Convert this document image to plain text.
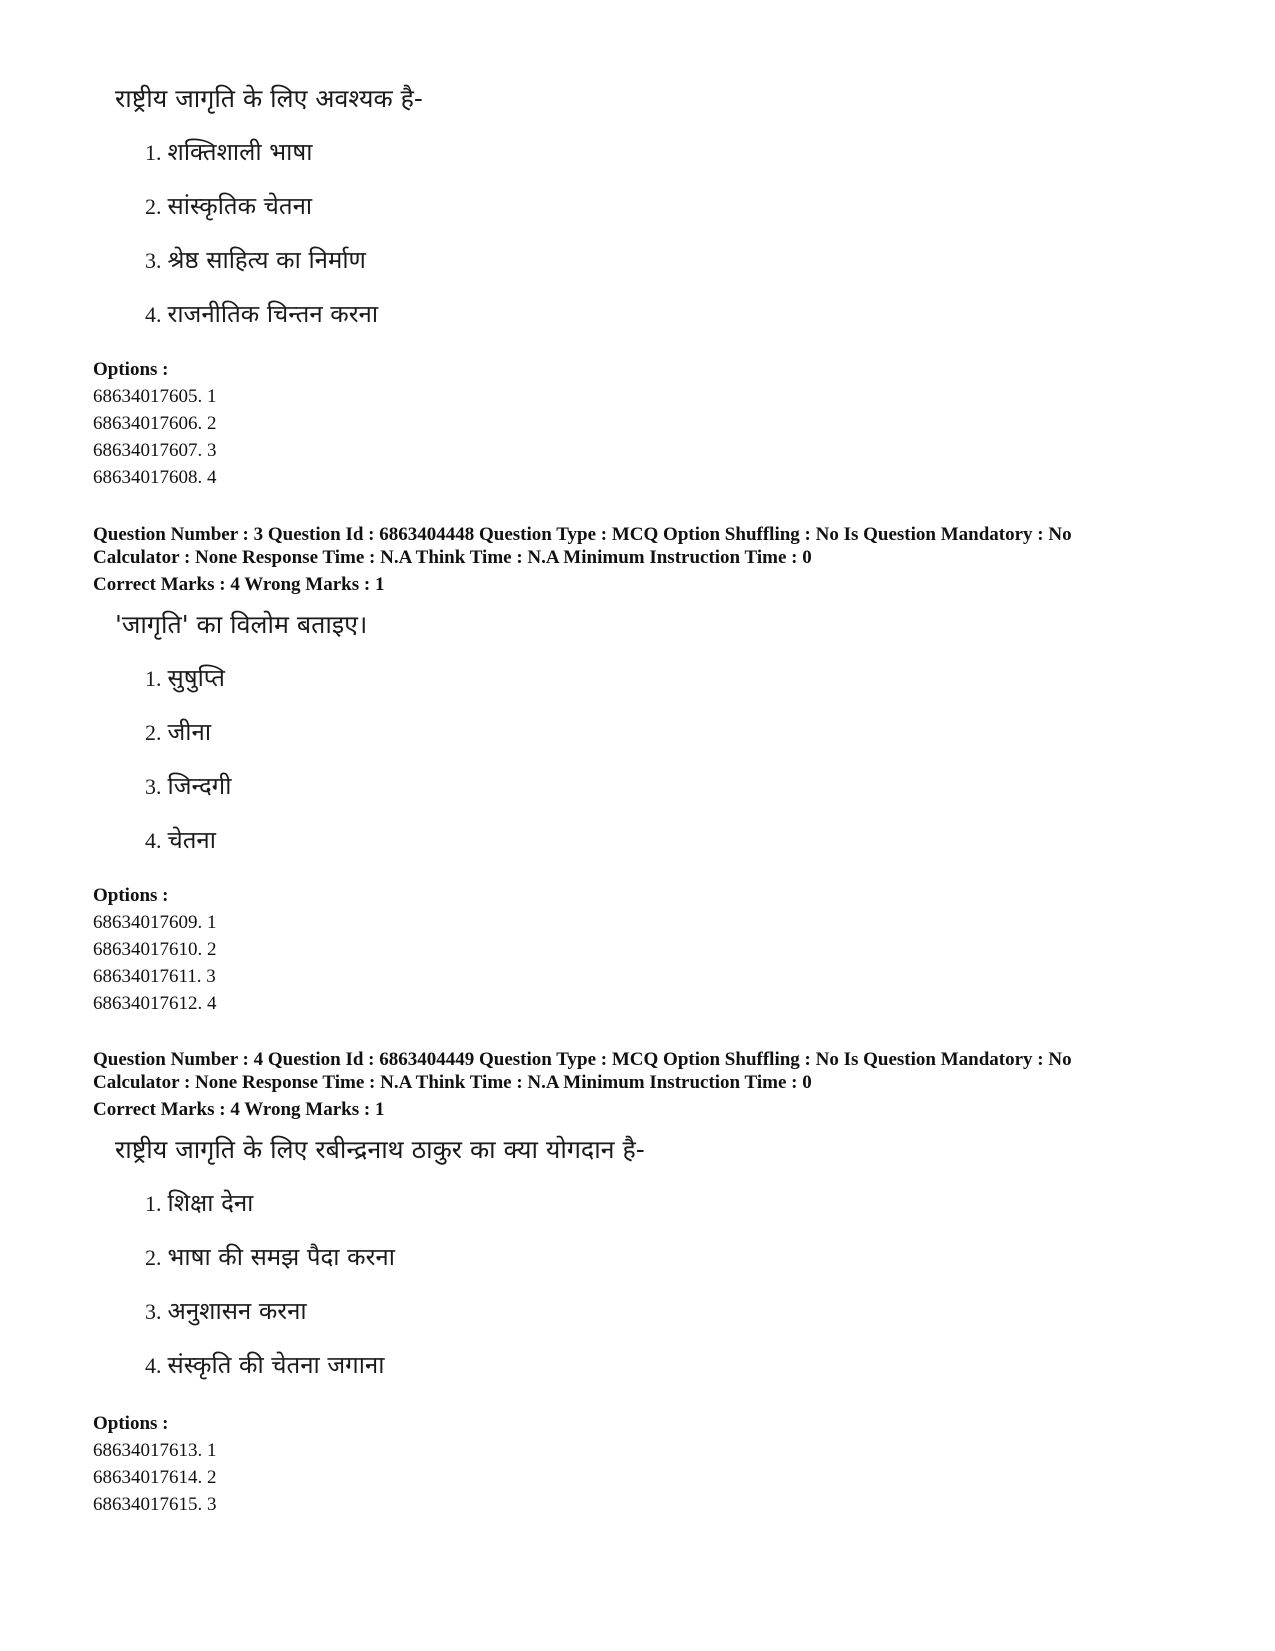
राष्ट्रीय जागृति के लिए अवश्यक है-
1. शक्तिशाली भाषा
2. सांस्कृतिक चेतना
3. श्रेष्ठ साहित्य का निर्माण
4. राजनीतिक चिन्तन करना
Options :
68634017605. 1
68634017606. 2
68634017607. 3
68634017608. 4
Question Number : 3 Question Id : 6863404448 Question Type : MCQ Option Shuffling : No Is Question Mandatory : No
Calculator : None Response Time : N.A Think Time : N.A Minimum Instruction Time : 0
Correct Marks : 4 Wrong Marks : 1
'जागृति' का विलोम बताइए।
1. सुषुप्ति
2. जीना
3. जिन्दगी
4. चेतना
Options :
68634017609. 1
68634017610. 2
68634017611. 3
68634017612. 4
Question Number : 4 Question Id : 6863404449 Question Type : MCQ Option Shuffling : No Is Question Mandatory : No
Calculator : None Response Time : N.A Think Time : N.A Minimum Instruction Time : 0
Correct Marks : 4 Wrong Marks : 1
राष्ट्रीय जागृति के लिए रबीन्द्रनाथ ठाकुर का क्या योगदान है-
1. शिक्षा देना
2. भाषा की समझ पैदा करना
3. अनुशासन करना
4. संस्कृति की चेतना जगाना
Options :
68634017613. 1
68634017614. 2
68634017615. 3
